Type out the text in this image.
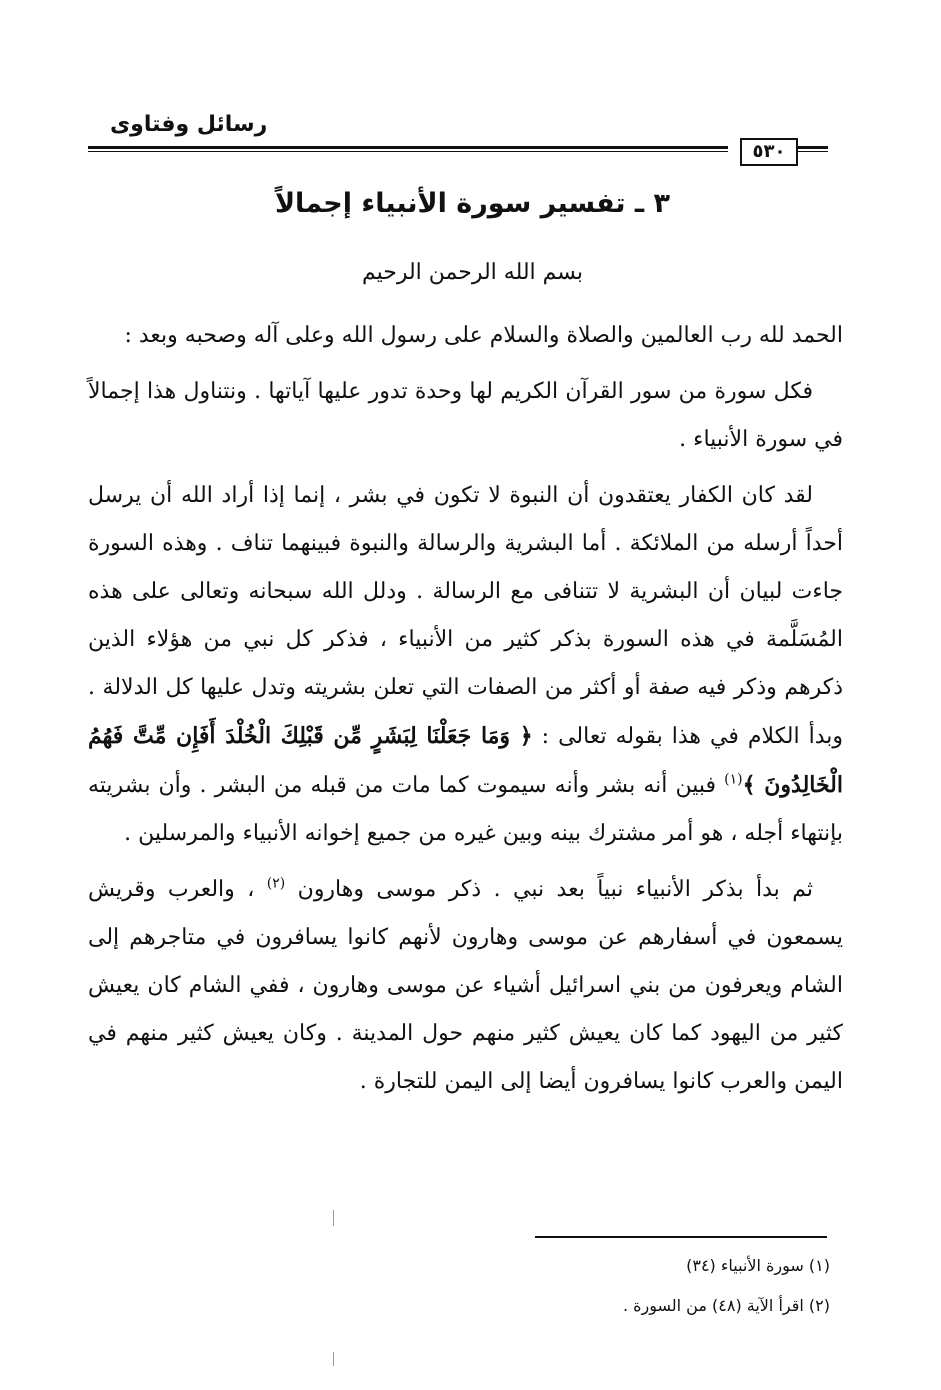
رسائل وفتاوى
٥٣٠
٣ ـ تفسير سورة الأنبياء إجمالاً
بسم الله الرحمن الرحيم

الحمد لله رب العالمين والصلاة والسلام على رسول الله وعلى آله وصحبه وبعد :

فكل سورة من سور القرآن الكريم لها وحدة تدور عليها آياتها . ونتناول هذا إجمالاً في سورة الأنبياء .

لقد كان الكفار يعتقدون أن النبوة لا تكون في بشر ، إنما إذا أراد الله أن يرسل أحداً أرسله من الملائكة . أما البشرية والرسالة والنبوة فبينهما تناف . وهذه السورة جاءت لبيان أن البشرية لا تتنافى مع الرسالة . ودلل الله سبحانه وتعالى على هذه المُسَلَّمة في هذه السورة بذكر كثير من الأنبياء ، فذكر كل نبي من هؤلاء الذين ذكرهم وذكر فيه صفة أو أكثر من الصفات التي تعلن بشريته وتدل عليها كل الدلالة . وبدأ الكلام في هذا بقوله تعالى : ﴿ وَمَا جَعَلْنَا لِبَشَرٍ مِّن قَبْلِكَ الْخُلْدَ أَفَإِن مِّتَّ فَهُمُ الْخَالِدُونَ ﴾$^{(١)}$ فبين أنه بشر وأنه سيموت كما مات من قبله من البشر . وأن بشريته بإنتهاء أجله ، هو أمر مشترك بينه وبين غيره من جميع إخوانه الأنبياء والمرسلين .

ثم بدأ بذكر الأنبياء نبياً بعد نبي . ذكر موسى وهارون $^{(٢)}$ ، والعرب وقريش يسمعون في أسفارهم عن موسى وهارون لأنهم كانوا يسافرون في متاجرهم إلى الشام ويعرفون من بني اسرائيل أشياء عن موسى وهارون ، ففي الشام كان يعيش كثير من اليهود كما كان يعيش كثير منهم حول المدينة . وكان يعيش كثير منهم في اليمن والعرب كانوا يسافرون أيضا إلى اليمن للتجارة .

(١) سورة الأنبياء (٣٤)
(٢) اقرأ الآية (٤٨) من السورة .
